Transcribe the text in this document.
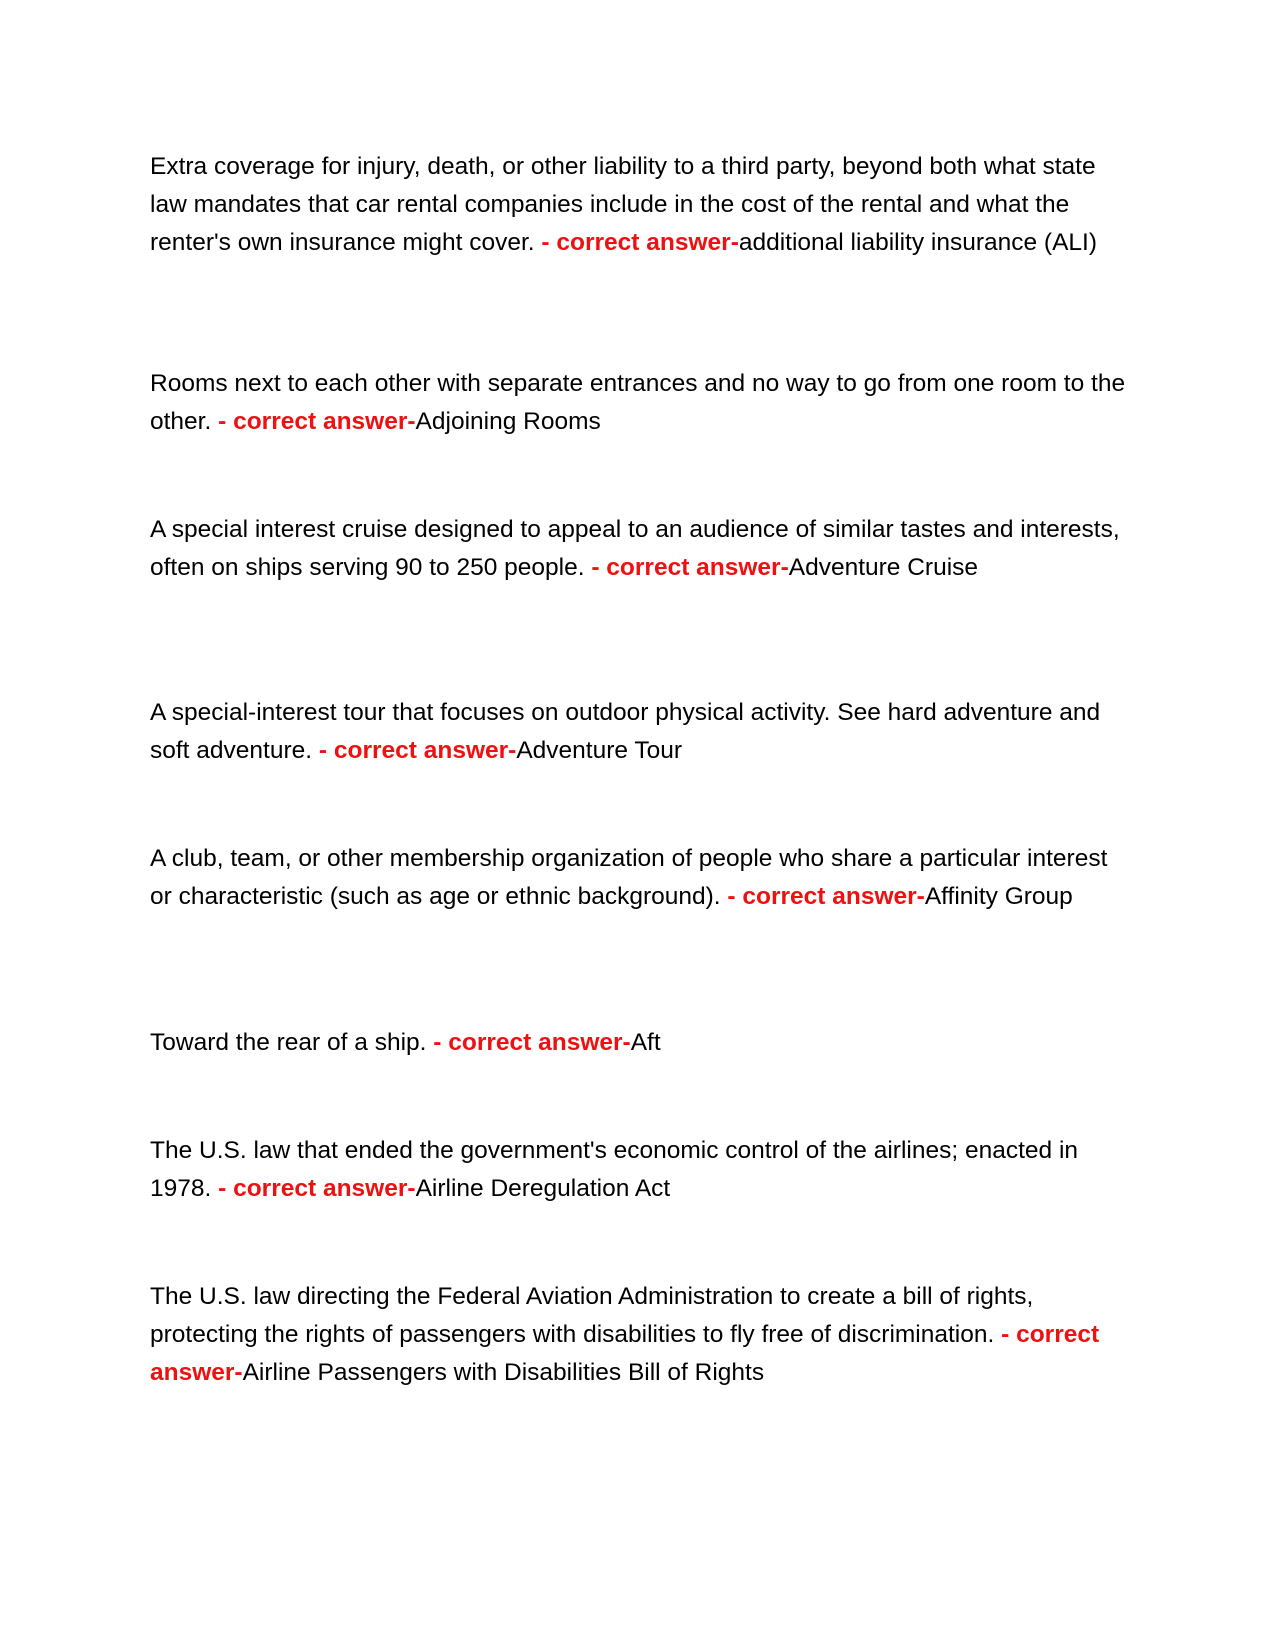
Extra coverage for injury, death, or other liability to a third party, beyond both what state law mandates that car rental companies include in the cost of the rental and what the renter's own insurance might cover. - correct answer-additional liability insurance (ALI)

Rooms next to each other with separate entrances and no way to go from one room to the other. - correct answer-Adjoining Rooms

A special interest cruise designed to appeal to an audience of similar tastes and interests, often on ships serving 90 to 250 people. - correct answer-Adventure Cruise

A special-interest tour that focuses on outdoor physical activity. See hard adventure and soft adventure. - correct answer-Adventure Tour

A club, team, or other membership organization of people who share a particular interest or characteristic (such as age or ethnic background). - correct answer-Affinity Group

Toward the rear of a ship. - correct answer-Aft

The U.S. law that ended the government's economic control of the airlines; enacted in 1978. - correct answer-Airline Deregulation Act

The U.S. law directing the Federal Aviation Administration to create a bill of rights, protecting the rights of passengers with disabilities to fly free of discrimination. - correct answer-Airline Passengers with Disabilities Bill of Rights
